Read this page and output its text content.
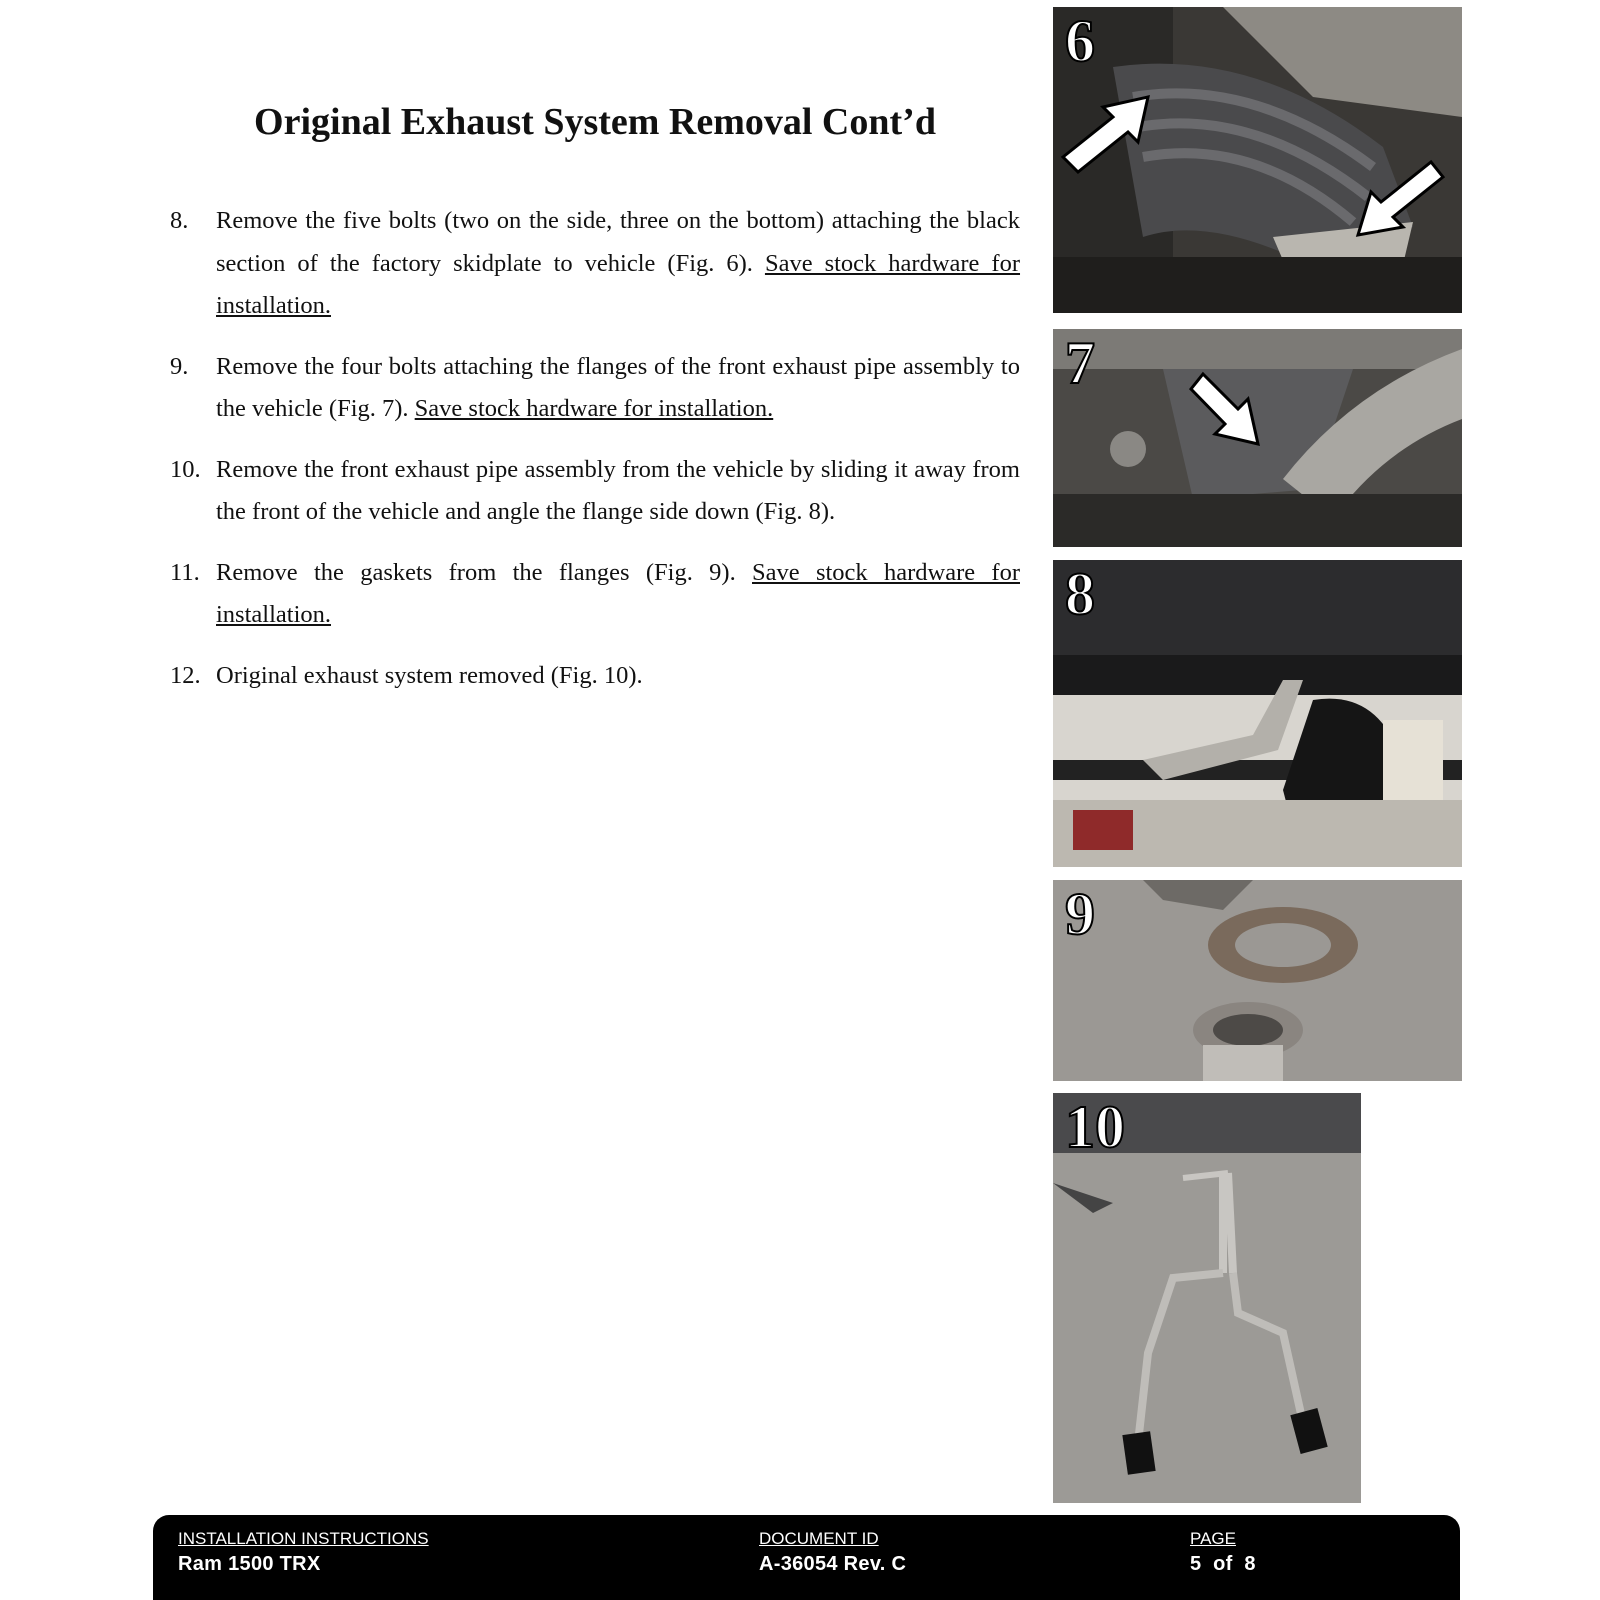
Original Exhaust System Removal Cont’d
8. Remove the five bolts (two on the side, three on the bottom) attaching the black section of the factory skidplate to vehicle (Fig. 6). Save stock hardware for installation.
9. Remove the four bolts attaching the flanges of the front exhaust pipe assembly to the vehicle (Fig. 7). Save stock hardware for installation.
10. Remove the front exhaust pipe assembly from the vehicle by sliding it away from the front of the vehicle and angle the flange side down (Fig. 8).
11. Remove the gaskets from the flanges (Fig. 9). Save stock hardware for installation.
12. Original exhaust system removed (Fig. 10).
6
7
8
9
10
INSTALLATION INSTRUCTIONS
Ram 1500 TRX
DOCUMENT ID
A-36054 Rev. C
PAGE
5  of  8
